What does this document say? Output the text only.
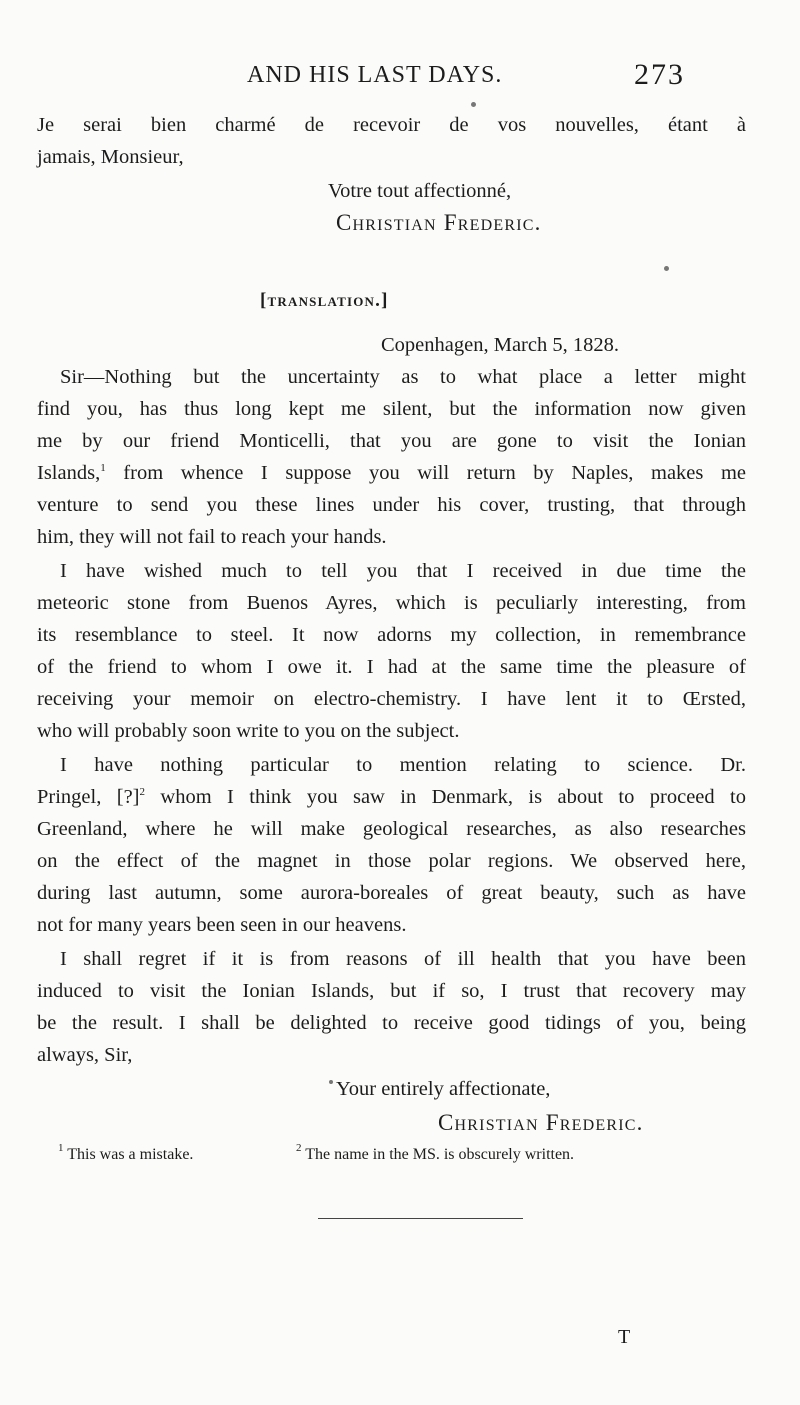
AND HIS LAST DAYS.	273
Je serai bien charmé de recevoir de vos nouvelles, étant à
jamais, Monsieur,
Votre tout affectionné,
Christian Frederic.
[translation.]
Copenhagen, March 5, 1828.
Sir—Nothing but the uncertainty as to what place a letter might
find you, has thus long kept me silent, but the information now given
me by our friend Monticelli, that you are gone to visit the Ionian
Islands,$^1$ from whence I suppose you will return by Naples, makes me
venture to send you these lines under his cover, trusting, that through
him, they will not fail to reach your hands.
I have wished much to tell you that I received in due time the
meteoric stone from Buenos Ayres, which is peculiarly interesting, from
its resemblance to steel. It now adorns my collection, in remembrance
of the friend to whom I owe it. I had at the same time the pleasure of
receiving your memoir on electro-chemistry. I have lent it to Œrsted,
who will probably soon write to you on the subject.
I have nothing particular to mention relating to science. Dr.
Pringel, [?]$^2$ whom I think you saw in Denmark, is about to proceed to
Greenland, where he will make geological researches, as also researches
on the effect of the magnet in those polar regions. We observed here,
during last autumn, some aurora-boreales of great beauty, such as have
not for many years been seen in our heavens.
I shall regret if it is from reasons of ill health that you have been
induced to visit the Ionian Islands, but if so, I trust that recovery may
be the result. I shall be delighted to receive good tidings of you, being
always, Sir,
Your entirely affectionate,
Christian Frederic.
$^1$ This was a mistake.	$^2$ The name in the MS. is obscurely written.
T
